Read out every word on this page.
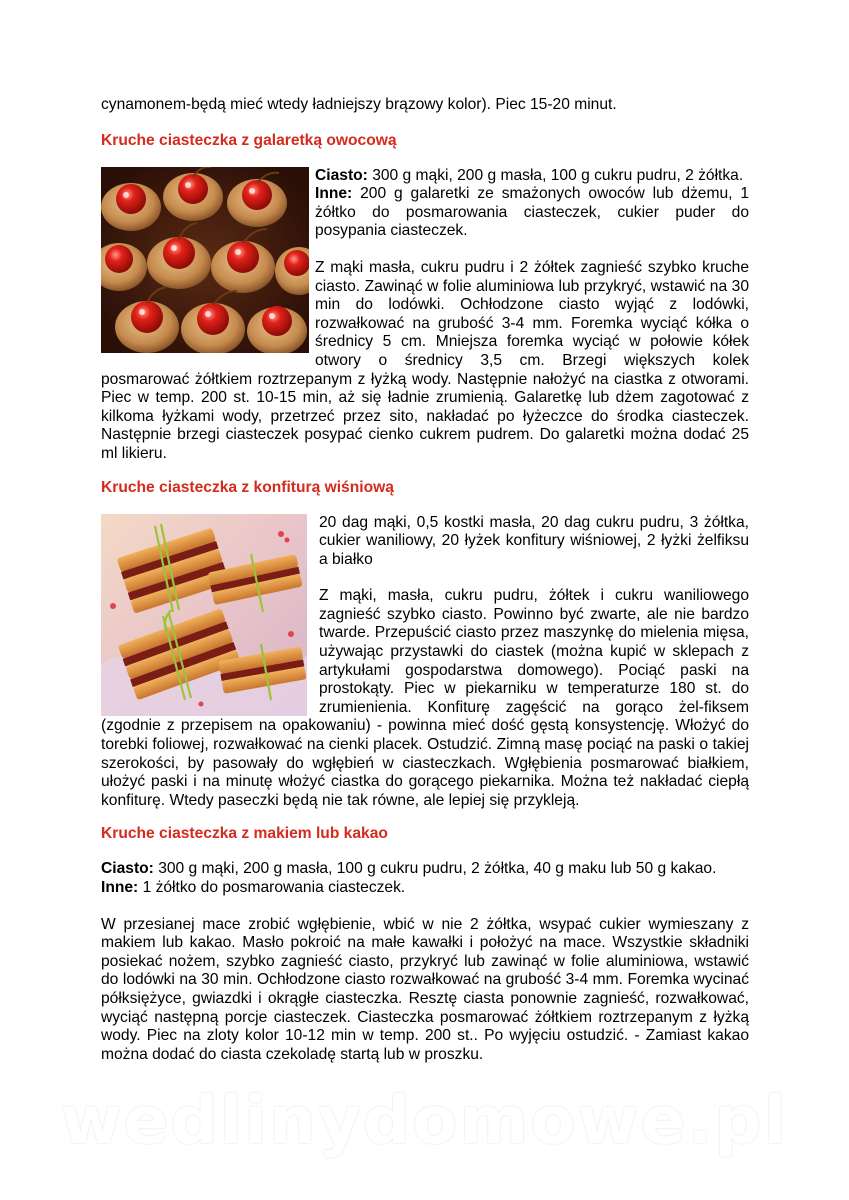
cynamonem-będą mieć wtedy ładniejszy brązowy kolor). Piec 15-20 minut.

Kruche ciasteczka z galaretką owocową

Ciasto: 300 g mąki, 200 g masła, 100 g cukru pudru, 2 żółtka.
Inne: 200 g galaretki ze smażonych owoców lub dżemu, 1 żółtko do posmarowania ciasteczek, cukier puder do posypania ciasteczek.

Z mąki masła, cukru pudru i 2 żółtek zagnieść szybko kruche ciasto. Zawinąć w folie aluminiowa lub przykryć, wstawić na 30 min do lodówki. Ochłodzone ciasto wyjąć z lodówki, rozwałkować na grubość 3-4 mm. Foremka wyciąć kółka o średnicy 5 cm. Mniejsza foremka wyciąć w połowie kółek otwory o średnicy 3,5 cm. Brzegi większych kolek posmarować żółtkiem roztrzepanym z łyżką wody. Następnie nałożyć na ciastka z otworami. Piec w temp. 200 st. 10-15 min, aż się ładnie zrumienią. Galaretkę lub dżem zagotować z kilkoma łyżkami wody, przetrzeć przez sito, nakładać po łyżeczce do środka ciasteczek. Następnie brzegi ciasteczek posypać cienko cukrem pudrem. Do galaretki można dodać 25 ml likieru.

Kruche ciasteczka z konfiturą wiśniową

20 dag mąki, 0,5 kostki masła, 20 dag cukru pudru, 3 żółtka, cukier waniliowy, 20 łyżek konfitury wiśniowej, 2 łyżki żelfiksu a białko

Z mąki, masła, cukru pudru, żółtek i cukru waniliowego zagnieść szybko ciasto. Powinno być zwarte, ale nie bardzo twarde. Przepuścić ciasto przez maszynkę do mielenia mięsa, używając przystawki do ciastek (można kupić w sklepach z artykułami gospodarstwa domowego). Pociąć paski na prostokąty. Piec w piekarniku w temperaturze 180 st. do zrumienienia. Konfiturę zagęścić na gorąco żel-fiksem (zgodnie z przepisem na opakowaniu) - powinna mieć dość gęstą konsystencję. Włożyć do torebki foliowej, rozwałkować na cienki placek. Ostudzić. Zimną masę pociąć na paski o takiej szerokości, by pasowały do wgłębień w ciasteczkach. Wgłębienia posmarować białkiem, ułożyć paski i na minutę włożyć ciastka do gorącego piekarnika. Można też nakładać ciepłą konfiturę. Wtedy paseczki będą nie tak równe, ale lepiej się przykleją.

Kruche ciasteczka z makiem lub kakao

Ciasto: 300 g mąki, 200 g masła, 100 g cukru pudru, 2 żółtka, 40 g maku lub 50 g kakao.
Inne: 1 żółtko do posmarowania ciasteczek.

W przesianej mace zrobić wgłębienie, wbić w nie 2 żółtka, wsypać cukier wymieszany z makiem lub kakao. Masło pokroić na małe kawałki i położyć na mace. Wszystkie składniki posiekać nożem, szybko zagnieść ciasto, przykryć lub zawinąć w folie aluminiowa, wstawić do lodówki na 30 min. Ochłodzone ciasto rozwałkować na grubość 3-4 mm. Foremka wycinać półksiężyce, gwiazdki i okrągłe ciasteczka. Resztę ciasta ponownie zagnieść, rozwałkować, wyciąć następną porcje ciasteczek. Ciasteczka posmarować żółtkiem roztrzepanym z łyżką wody. Piec na zloty kolor 10-12 min w temp. 200 st.. Po wyjęciu ostudzić. - Zamiast kakao można dodać do ciasta czekoladę startą lub w proszku.

wedlinydomowe.pl
